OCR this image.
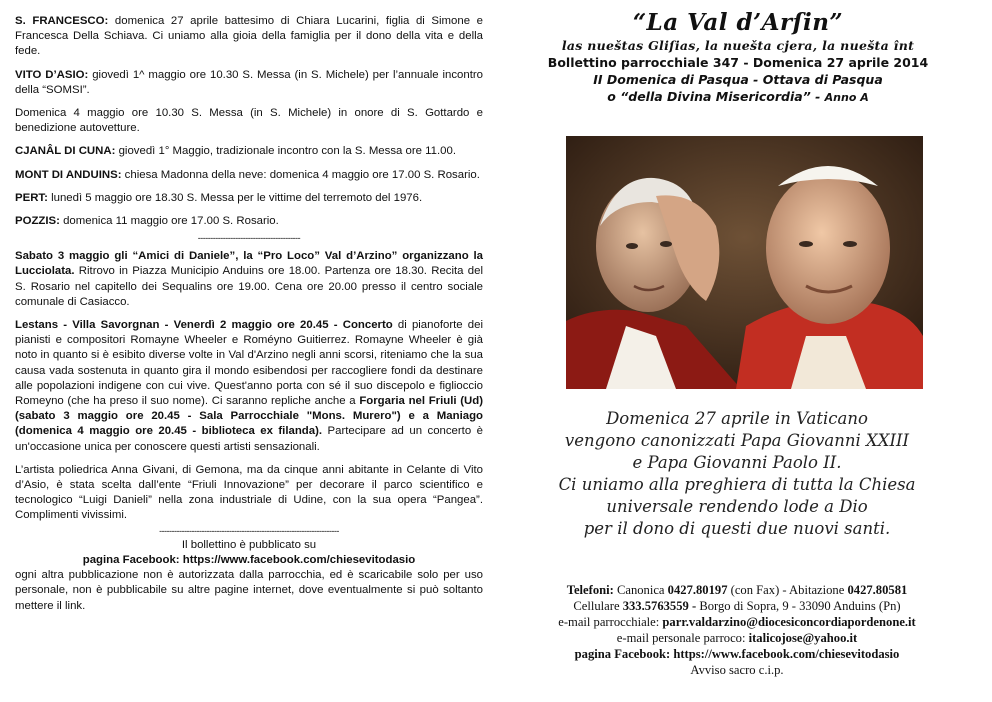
S. FRANCESCO: domenica 27 aprile battesimo di Chiara Lucarini, figlia di Simone e Francesca Della Schiava. Ci uniamo alla gioia della famiglia per il dono della vita e della fede.

VITO D’ASIO: giovedì 1^ maggio ore 10.30 S. Messa (in S. Michele) per l’annuale incontro della “SOMSI”.

Domenica 4 maggio ore 10.30 S. Messa (in S. Michele) in onore di S. Gottardo e benedizione autovetture.

CJANÂL DI CUNA: giovedì 1° Maggio, tradizionale incontro con la S. Messa ore 11.00.

MONT DI ANDUINS: chiesa Madonna della neve: domenica 4 maggio ore 17.00 S. Rosario.

PERT: lunedì 5 maggio ore 18.30 S. Messa per le vittime del terremoto del 1976.

POZZIS: domenica 11 maggio ore 17.00 S. Rosario.

-----------------------------------------

Sabato 3 maggio gli “Amici di Daniele”, la “Pro Loco” Val d’Arzino” organizzano la Lucciolata. Ritrovo in Piazza Municipio Anduins ore 18.00. Partenza ore 18.30. Recita del S. Rosario nel capitello dei Sequalins ore 19.00. Cena ore 20.00 presso il centro sociale comunale di Casiacco.

Lestans - Villa Savorgnan - Venerdì 2 maggio ore 20.45 - Concerto di pianoforte dei pianisti e compositori Romayne Wheeler e Roméyno Guitierrez. Romayne Wheeler è già noto in quanto si è esibito diverse volte in Val d'Arzino negli anni scorsi, riteniamo che la sua causa vada sostenuta in quanto gira il mondo esibendosi per raccogliere fondi da destinare alle popolazioni indigene con cui vive. Quest'anno porta con sé il suo discepolo e figlioccio Romeyno (che ha preso il suo nome). Ci saranno repliche anche a Forgaria nel Friuli (Ud) (sabato 3 maggio ore 20.45 - Sala Parrocchiale "Mons. Murero") e a Maniago (domenica 4 maggio ore 20.45 - biblioteca ex filanda). Partecipare ad un concerto è un'occasione unica per conoscere questi artisti sensazionali.

L’artista poliedrica Anna Givani, di Gemona, ma da cinque anni abitante in Celante di Vito d’Asio, è stata scelta dall’ente “Friuli Innovazione” per decorare il parco scientifico e tecnologico “Luigi Danieli” nella zona industriale di Udine, con la sua opera “Pangea”. Complimenti vivissimi.

------------------------------------------------------------------------

Il bollettino è pubblicato su

pagina Facebook: https://www.facebook.com/chiesevitodasio

ogni altra pubblicazione non è autorizzata dalla parrocchia, ed è scaricabile solo per uso personale, non è pubblicabile su altre pagine internet, dove eventualmente si può soltanto mettere il link.

“La Val d’Arſin”
las nueštas Gliſias, la nuešta cjera, la nuešta înt
Bollettino parrocchiale 347 - Domenica 27 aprile 2014
II Domenica di Pasqua - Ottava di Pasqua
o “della Divina Misericordia” - Anno A
Domenica 27 aprile in Vaticano
vengono canonizzati Papa Giovanni XXIII
e Papa Giovanni Paolo II.
Ci uniamo alla preghiera di tutta la Chiesa
universale rendendo lode a Dio
per il dono di questi due nuovi santi.
Telefoni: Canonica 0427.80197 (con Fax) - Abitazione 0427.80581
Cellulare 333.5763559 - Borgo di Sopra, 9 - 33090 Anduins (Pn)
e-mail parrocchiale: parr.valdarzino@diocesiconcordiapordenone.it
e-mail personale parroco: italicojose@yahoo.it
pagina Facebook: https://www.facebook.com/chiesevitodasio
Avviso sacro c.i.p.
